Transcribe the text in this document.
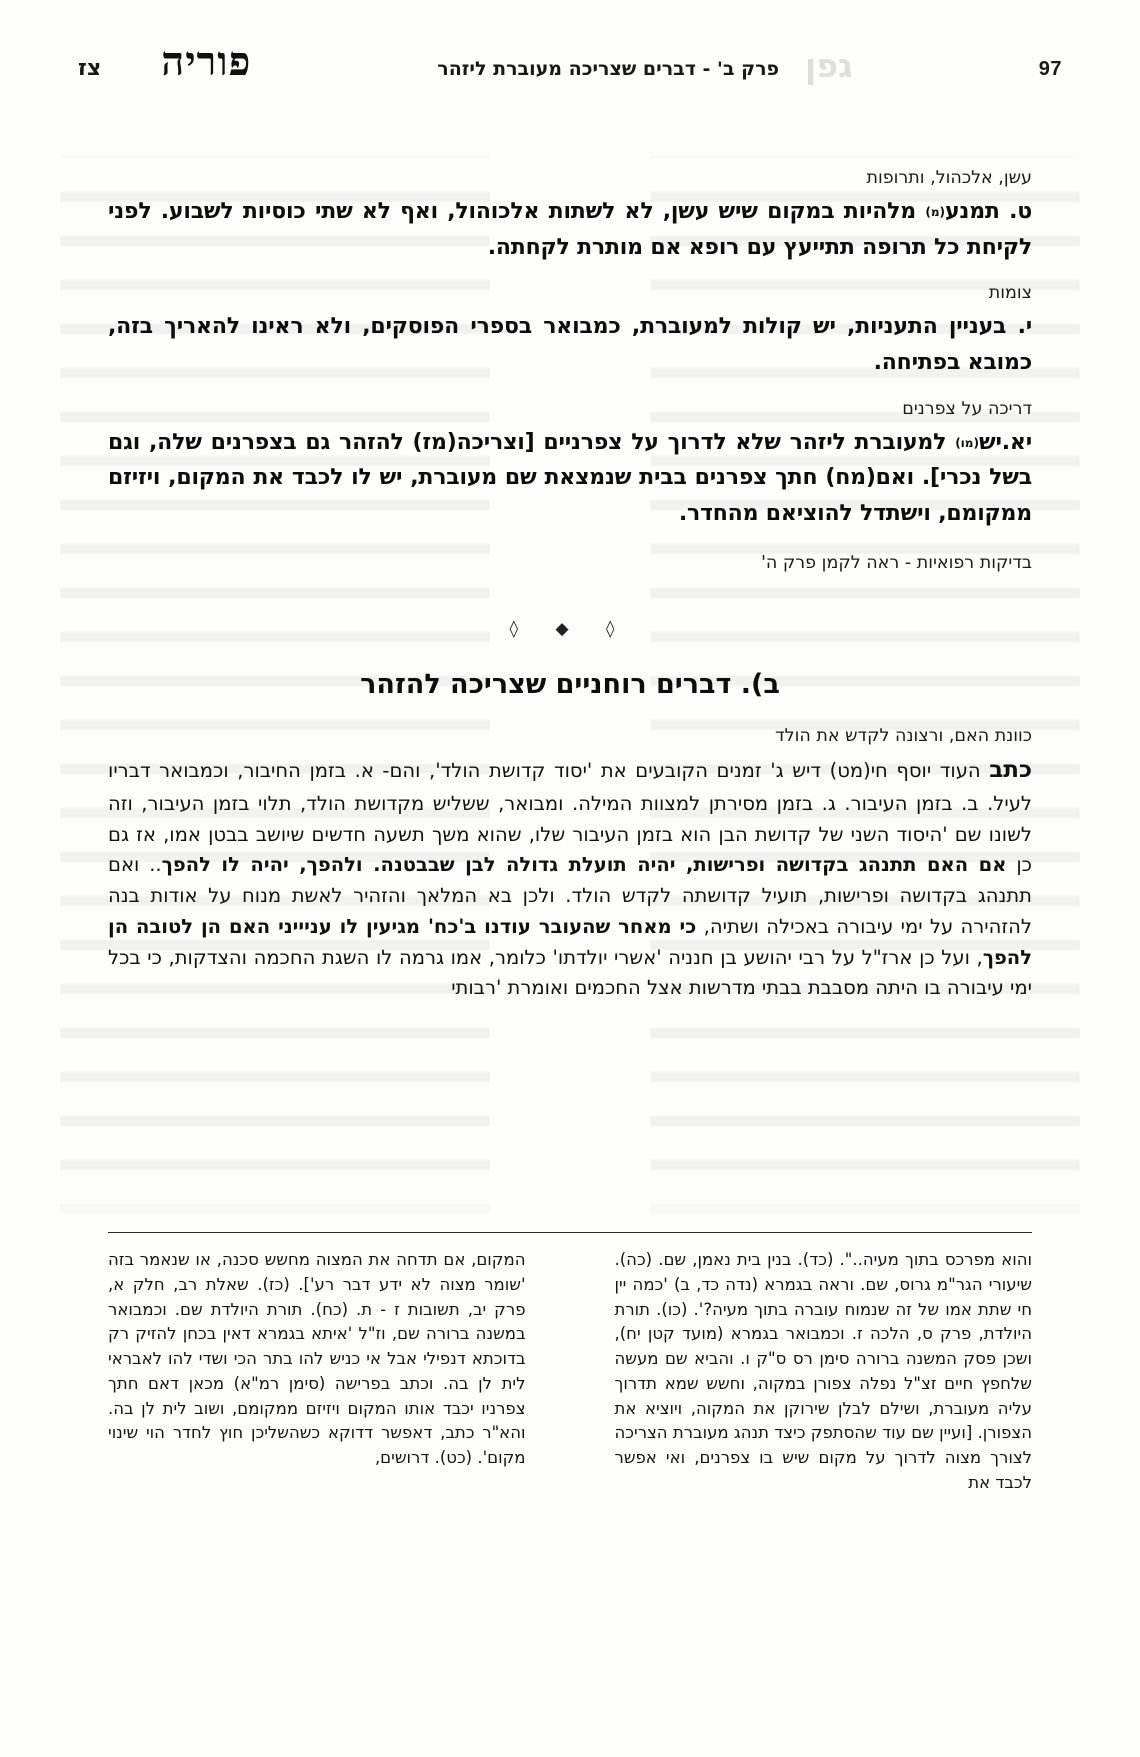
97
גפן
פרק ב' - דברים שצריכה מעוברת ליזהר
פוריה
צז
עשן, אלכהול, ותרופות

ט. תמנע(מ) מלהיות במקום שיש עשן, לא לשתות אלכוהול, ואף לא שתי כוסיות לשבוע. לפני לקיחת כל תרופה תתייעץ עם רופא אם מותרת לקחתה.

צומות

י. בעניין התעניות, יש קולות למעוברת, כמבואר בספרי הפוסקים, ולא ראינו להאריך בזה, כמובא בפתיחה.

דריכה על צפרנים

יא.יש(מו) למעוברת ליזהר שלא לדרוך על צפרניים [וצריכה(מז) להזהר גם בצפרנים שלה, וגם בשל נכרי]. ואם(מח) חתך צפרנים בבית שנמצאת שם מעוברת, יש לו לכבד את המקום, ויזיזם ממקומם, וישתדל להוציאם מהחדר.

בדיקות רפואיות - ראה לקמן פרק ה'
◊ ◆ ◊
ב). דברים רוחניים שצריכה להזהר
כוונת האם, ורצונה לקדש את הולד

כתב העוד יוסף חי(מט) דיש ג' זמנים הקובעים את 'יסוד קדושת הולד', והם- א. בזמן החיבור, וכמבואר דבריו לעיל. ב. בזמן העיבור. ג. בזמן מסירתן למצוות המילה. ומבואר, ששליש מקדושת הולד, תלוי בזמן העיבור, וזה לשונו שם 'היסוד השני של קדושת הבן הוא בזמן העיבור שלו, שהוא משך תשעה חדשים שיושב בבטן אמו, אז גם כן אם האם תתנהג בקדושה ופרישות, יהיה תועלת גדולה לבן שבבטנה. ולהפך, יהיה לו להפך.. ואם תתנהג בקדושה ופרישות, תועיל קדושתה לקדש הולד. ולכן בא המלאך והזהיר לאשת מנוח על אודות בנה להזהירה על ימי עיבורה באכילה ושתיה, כי מאחר שהעובר עודנו ב'כח' מגיעין לו עניייני האם הן לטובה הן להפך, ועל כן ארז"ל על רבי יהושע בן חנניה 'אשרי יולדתו' כלומר, אמו גרמה לו השגת החכמה והצדקות, כי בכל ימי עיבורה בו היתה מסבבת בבתי מדרשות אצל החכמים ואומרת 'רבותי

והוא מפרכס בתוך מעיה..". (כד). בנין בית נאמן, שם. (כה). שיעורי הגר"מ גרוס, שם. וראה בגמרא (נדה כד, ב) 'כמה יין חי שתת אמו של זה שנמוח עוברה בתוך מעיה?'. (כו). תורת היולדת, פרק ס, הלכה ז. וכמבואר בגמרא (מועד קטן יח), ושכן פסק המשנה ברורה סימן רס ס"ק ו. והביא שם מעשה שלחפץ חיים זצ"ל נפלה צפורן במקוה, וחשש שמא תדרוך עליה מעוברת, ושילם לבלן שירוקן את המקוה, ויוציא את הצפורן. [ועיין שם עוד שהסתפק כיצד תנהג מעוברת הצריכה לצורך מצוה לדרוך על מקום שיש בו צפרנים, ואי אפשר לכבד את
המקום, אם תדחה את המצוה מחשש סכנה, או שנאמר בזה 'שומר מצוה לא ידע דבר רע']. (כז). שאלת רב, חלק א, פרק יב, תשובות ז - ת. (כח). תורת היולדת שם. וכמבואר במשנה ברורה שם, וז"ל 'איתא בגמרא דאין בכחן להזיק רק בדוכתא דנפילי אבל אי כניש להו בתר הכי ושדי להו לאבראי לית לן בה. וכתב בפרישה (סימן רמ"א) מכאן דאם חתך צפרניו יכבד אותו המקום ויזיזם ממקומם, ושוב לית לן בה. והא"ר כתב, דאפשר דדוקא כשהשליכן חוץ לחדר הוי שינוי מקום'. (כט). דרושים,
